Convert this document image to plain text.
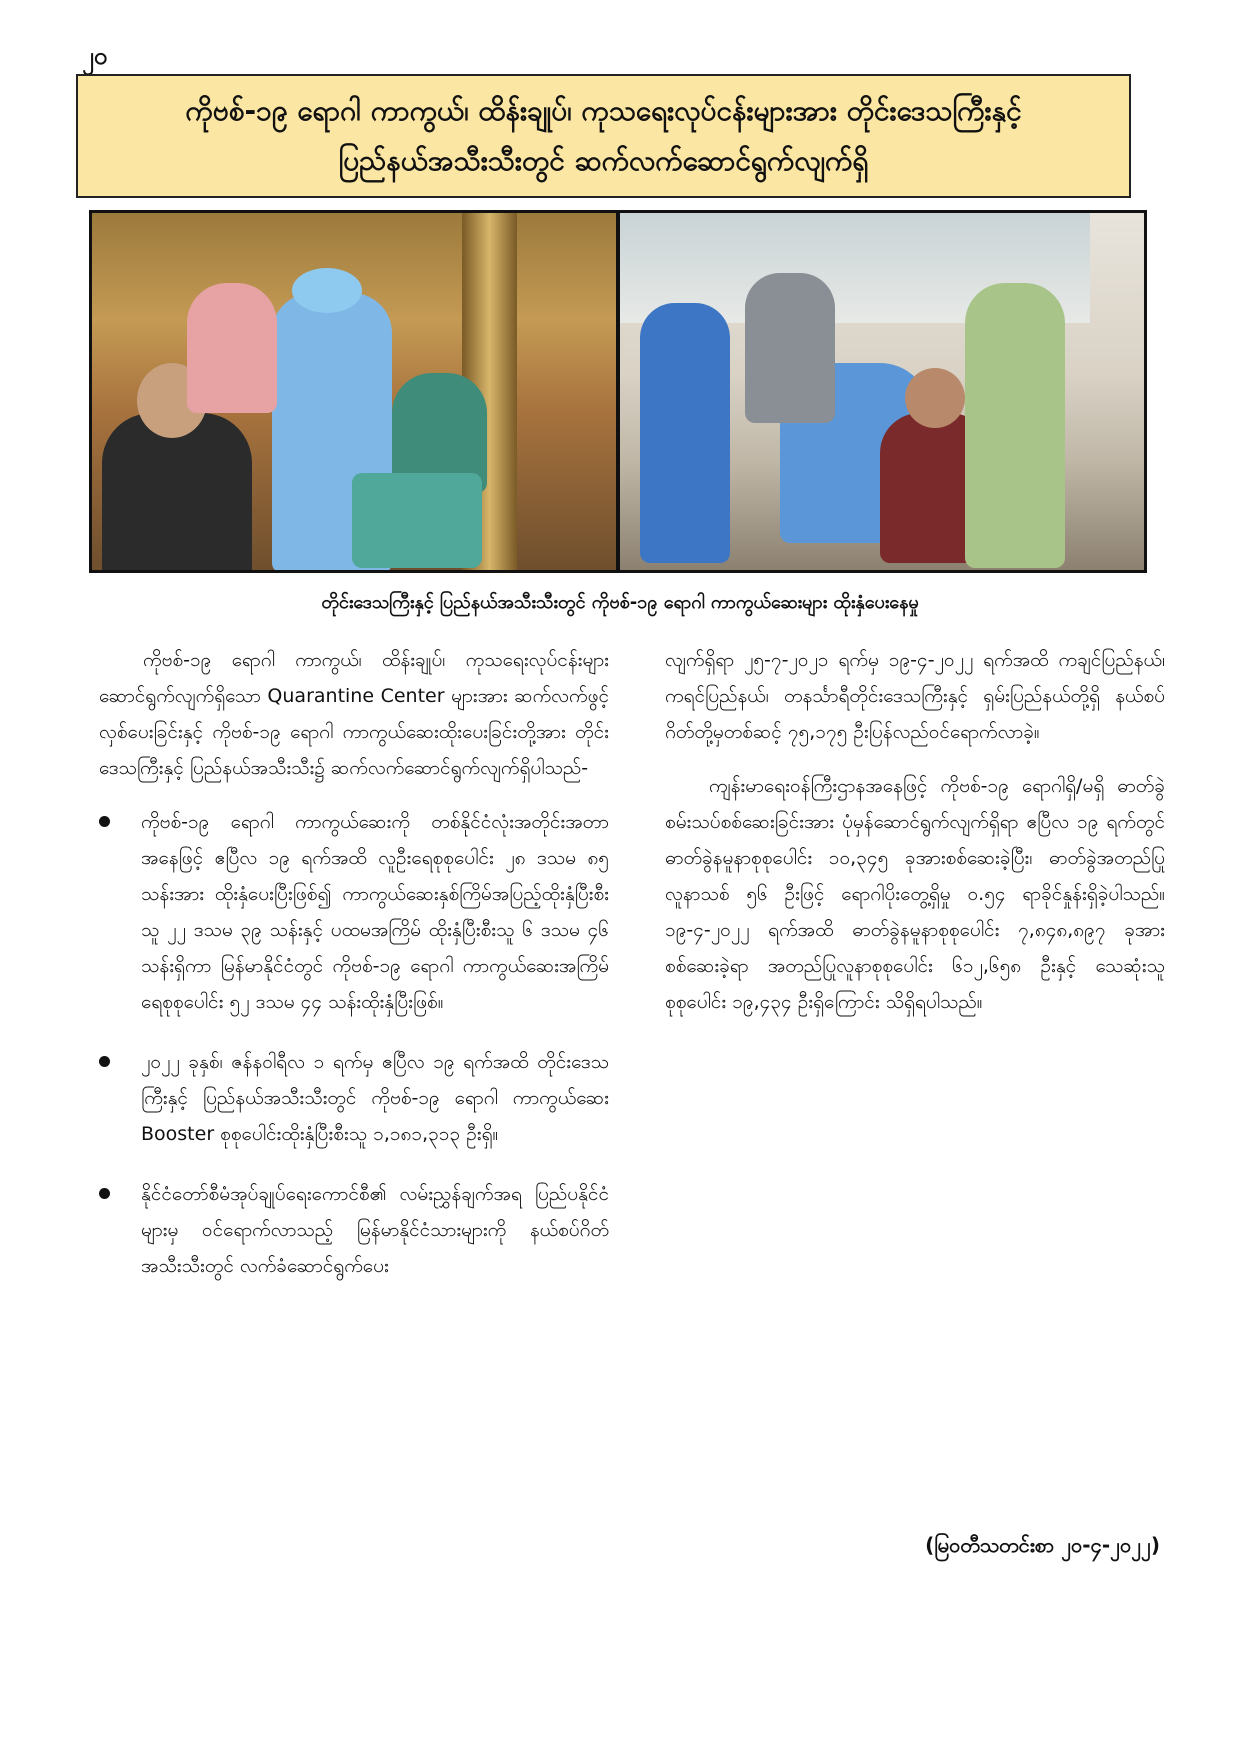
၂၀
ကိုဗစ်-၁၉ ရောဂါ ကာကွယ်၊ ထိန်းချုပ်၊ ကုသရေးလုပ်ငန်းများအား တိုင်းဒေသကြီးနှင့်
ပြည်နယ်အသီးသီးတွင် ဆက်လက်ဆောင်ရွက်လျက်ရှိ
တိုင်းဒေသကြီးနှင့် ပြည်နယ်အသီးသီးတွင် ကိုဗစ်-၁၉ ရောဂါ ကာကွယ်ဆေးများ ထိုးနှံပေးနေမှု

ကိုဗစ်-၁၉ ရောဂါ ကာကွယ်၊ ထိန်းချုပ်၊ ကုသရေးလုပ်ငန်းများဆောင်ရွက်လျက်ရှိသော Quarantine Center များအား ဆက်လက်ဖွင့်လှစ်ပေးခြင်းနှင့် ကိုဗစ်-၁၉ ရောဂါ ကာကွယ်ဆေးထိုးပေးခြင်းတို့အား တိုင်းဒေသကြီးနှင့် ပြည်နယ်အသီးသီး၌ ဆက်လက်ဆောင်ရွက်လျက်ရှိပါသည်-

ကိုဗစ်-၁၉ ရောဂါ ကာကွယ်ဆေးကို တစ်နိုင်ငံလုံးအတိုင်းအတာအနေဖြင့် ဧပြီလ ၁၉ ရက်အထိ လူဦးရေစုစုပေါင်း ၂၈ ဒသမ ၈၅ သန်းအား ထိုးနှံပေးပြီးဖြစ်၍ ကာကွယ်ဆေးနှစ်ကြိမ်အပြည့်ထိုးနှံပြီးစီးသူ ၂၂ ဒသမ ၃၉ သန်းနှင့် ပထမအကြိမ် ထိုးနှံပြီးစီးသူ ၆ ဒသမ ၄၆ သန်းရှိကာ မြန်မာနိုင်ငံတွင် ကိုဗစ်-၁၉ ရောဂါ ကာကွယ်ဆေးအကြိမ်ရေစုစုပေါင်း ၅၂ ဒသမ ၄၄ သန်းထိုးနှံပြီးဖြစ်။
၂၀၂၂ ခုနှစ်၊ ဇန်နဝါရီလ ၁ ရက်မှ ဧပြီလ ၁၉ ရက်အထိ တိုင်းဒေသကြီးနှင့် ပြည်နယ်အသီးသီးတွင် ကိုဗစ်-၁၉ ရောဂါ ကာကွယ်ဆေး Booster စုစုပေါင်းထိုးနှံပြီးစီးသူ ၁,၁၈၁,၃၁၃ ဦးရှိ။
နိုင်ငံတော်စီမံအုပ်ချုပ်ရေးကောင်စီ၏ လမ်းညွှန်ချက်အရ ပြည်ပနိုင်ငံများမှ ဝင်ရောက်လာသည့် မြန်မာနိုင်ငံသားများကို နယ်စပ်ဂိတ်အသီးသီးတွင် လက်ခံဆောင်ရွက်ပေး

လျက်ရှိရာ ၂၅-၇-၂၀၂၁ ရက်မှ ၁၉-၄-၂၀၂၂ ရက်အထိ ကချင်ပြည်နယ်၊ ကရင်ပြည်နယ်၊ တနင်္သာရီတိုင်းဒေသကြီးနှင့် ရှမ်းပြည်နယ်တို့ရှိ နယ်စပ်ဂိတ်တို့မှတစ်ဆင့် ၇၅,၁၇၅ ဦးပြန်လည်ဝင်ရောက်လာခဲ့။

ကျန်းမာရေးဝန်ကြီးဌာနအနေဖြင့် ကိုဗစ်-၁၉ ရောဂါရှိ/မရှိ ဓာတ်ခွဲစမ်းသပ်စစ်ဆေးခြင်းအား ပုံမှန်ဆောင်ရွက်လျက်ရှိရာ ဧပြီလ ၁၉ ရက်တွင် ဓာတ်ခွဲနမူနာစုစုပေါင်း ၁၀,၃၄၅ ခုအားစစ်ဆေးခဲ့ပြီး၊ ဓာတ်ခွဲအတည်ပြုလူနာသစ် ၅၆ ဦးဖြင့် ရောဂါပိုးတွေ့ရှိမှု ၀.၅၄ ရာခိုင်နှုန်းရှိခဲ့ပါသည်။ ၁၉-၄-၂၀၂၂ ရက်အထိ ဓာတ်ခွဲနမူနာစုစုပေါင်း ၇,၈၄၈,၈၉၇ ခုအား စစ်ဆေးခဲ့ရာ အတည်ပြုလူနာစုစုပေါင်း ၆၁၂,၆၅၈ ဦးနှင့် သေဆုံးသူစုစုပေါင်း ၁၉,၄၃၄ ဦးရှိကြောင်း သိရှိရပါသည်။

(မြဝတီသတင်းစာ ၂၀-၄-၂၀၂၂)
